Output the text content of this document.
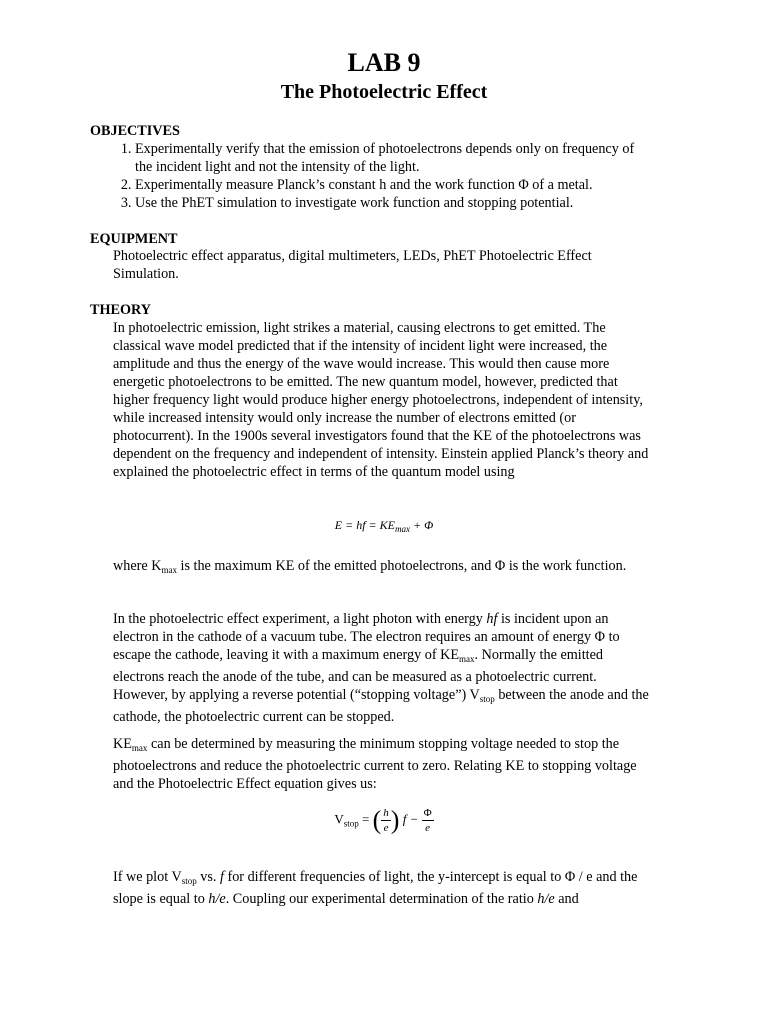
LAB 9
The Photoelectric Effect
OBJECTIVES
1. Experimentally verify that the emission of photoelectrons depends only on frequency of the incident light and not the intensity of the light.
2. Experimentally measure Planck’s constant h and the work function Φ of a metal.
3. Use the PhET simulation to investigate work function and stopping potential.
EQUIPMENT
Photoelectric effect apparatus, digital multimeters, LEDs, PhET Photoelectric Effect Simulation.
THEORY
In photoelectric emission, light strikes a material, causing electrons to get emitted. The classical wave model predicted that if the intensity of incident light were increased, the amplitude and thus the energy of the wave would increase. This would then cause more energetic photoelectrons to be emitted. The new quantum model, however, predicted that higher frequency light would produce higher energy photoelectrons, independent of intensity, while increased intensity would only increase the number of electrons emitted (or photocurrent). In the 1900s several investigators found that the KE of the photoelectrons was dependent on the frequency and independent of intensity. Einstein applied Planck’s theory and explained the photoelectric effect in terms of the quantum model using
E = hf = $KE_{max} + \Phi$
where $K_{max}$ is the maximum KE of the emitted photoelectrons, and Φ is the work function.
In the photoelectric effect experiment, a light photon with energy hf is incident upon an electron in the cathode of a vacuum tube. The electron requires an amount of energy Φ to escape the cathode, leaving it with a maximum energy of $KE_{max}$. Normally the emitted electrons reach the anode of the tube, and can be measured as a photoelectric current. However, by applying a reverse potential (“stopping voltage”) $V_{stop}$ between the anode and the cathode, the photoelectric current can be stopped.
$KE_{max}$ can be determined by measuring the minimum stopping voltage needed to stop the photoelectrons and reduce the photoelectric current to zero. Relating KE to stopping voltage and the Photoelectric Effect equation gives us:
$V_{stop}$ = ( $\frac{h}{e}$ ) $f - \frac{\Phi}{e}$
If we plot $V_{stop}$ vs. f for different frequencies of light, the y-intercept is equal to Φ / e and the slope is equal to h/e. Coupling our experimental determination of the ratio h/e and
